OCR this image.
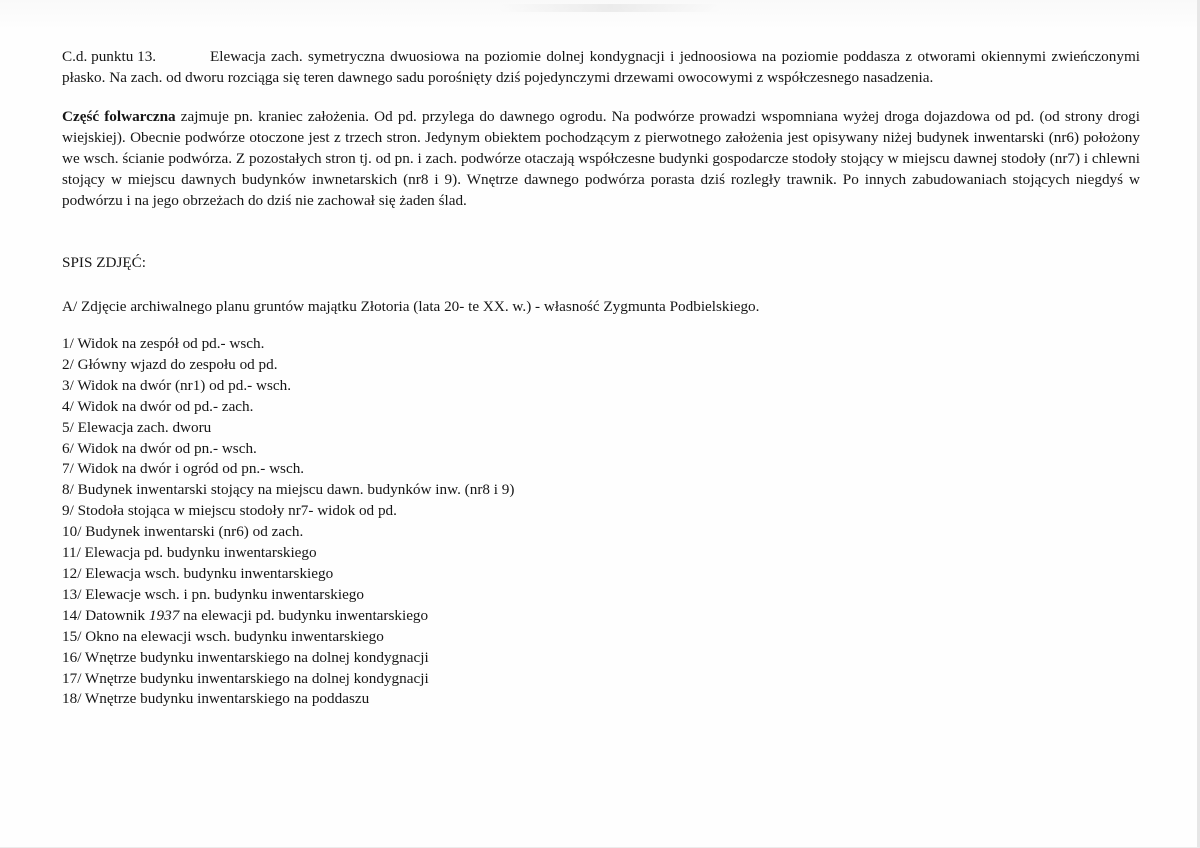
C.d. punktu 13.	Elewacja zach. symetryczna dwuosiowa na poziomie dolnej kondygnacji i jednoosiowa na poziomie poddasza z otworami okiennymi zwieńczonymi płasko. Na zach. od dworu rozciąga się teren dawnego sadu porośnięty dziś pojedynczymi drzewami owocowymi z współczesnego nasadzenia.

Część folwarczna zajmuje pn. kraniec założenia. Od pd. przylega do dawnego ogrodu. Na podwórze prowadzi wspomniana wyżej droga dojazdowa od pd. (od strony drogi wiejskiej). Obecnie podwórze otoczone jest z trzech stron. Jedynym obiektem pochodzącym z pierwotnego założenia jest opisywany niżej budynek inwentarski (nr6) położony we wsch. ścianie podwórza. Z pozostałych stron tj. od pn. i zach. podwórze otaczają współczesne budynki gospodarcze stodoły stojący w miejscu dawnej stodoły (nr7) i chlewni stojący w miejscu dawnych budynków inwnetarskich (nr8 i 9). Wnętrze dawnego podwórza porasta dziś rozległy trawnik. Po innych zabudowaniach stojących niegdyś w podwórzu i na jego obrzeżach do dziś nie zachował się żaden ślad.

SPIS ZDJĘĆ:

A/ Zdjęcie archiwalnego planu gruntów majątku Złotoria (lata 20- te XX. w.) - własność Zygmunta Podbielskiego.

1/ Widok na zespół od pd.- wsch.
2/ Główny wjazd do zespołu od pd.
3/ Widok na dwór (nr1) od pd.- wsch.
4/ Widok na dwór od pd.- zach.
5/ Elewacja zach. dworu
6/ Widok na dwór od pn.- wsch.
7/ Widok na dwór i ogród od pn.- wsch.
8/ Budynek inwentarski stojący na miejscu dawn. budynków inw. (nr8 i 9)
9/ Stodoła stojąca w miejscu stodoły nr7- widok od pd.
10/ Budynek inwentarski (nr6) od zach.
11/ Elewacja pd. budynku inwentarskiego
12/ Elewacja wsch. budynku inwentarskiego
13/ Elewacje wsch. i pn. budynku inwentarskiego
14/ Datownik 1937 na elewacji pd. budynku inwentarskiego
15/ Okno na elewacji wsch. budynku inwentarskiego
16/ Wnętrze budynku inwentarskiego na dolnej kondygnacji
17/ Wnętrze budynku inwentarskiego na dolnej kondygnacji
18/ Wnętrze budynku inwentarskiego na poddaszu
